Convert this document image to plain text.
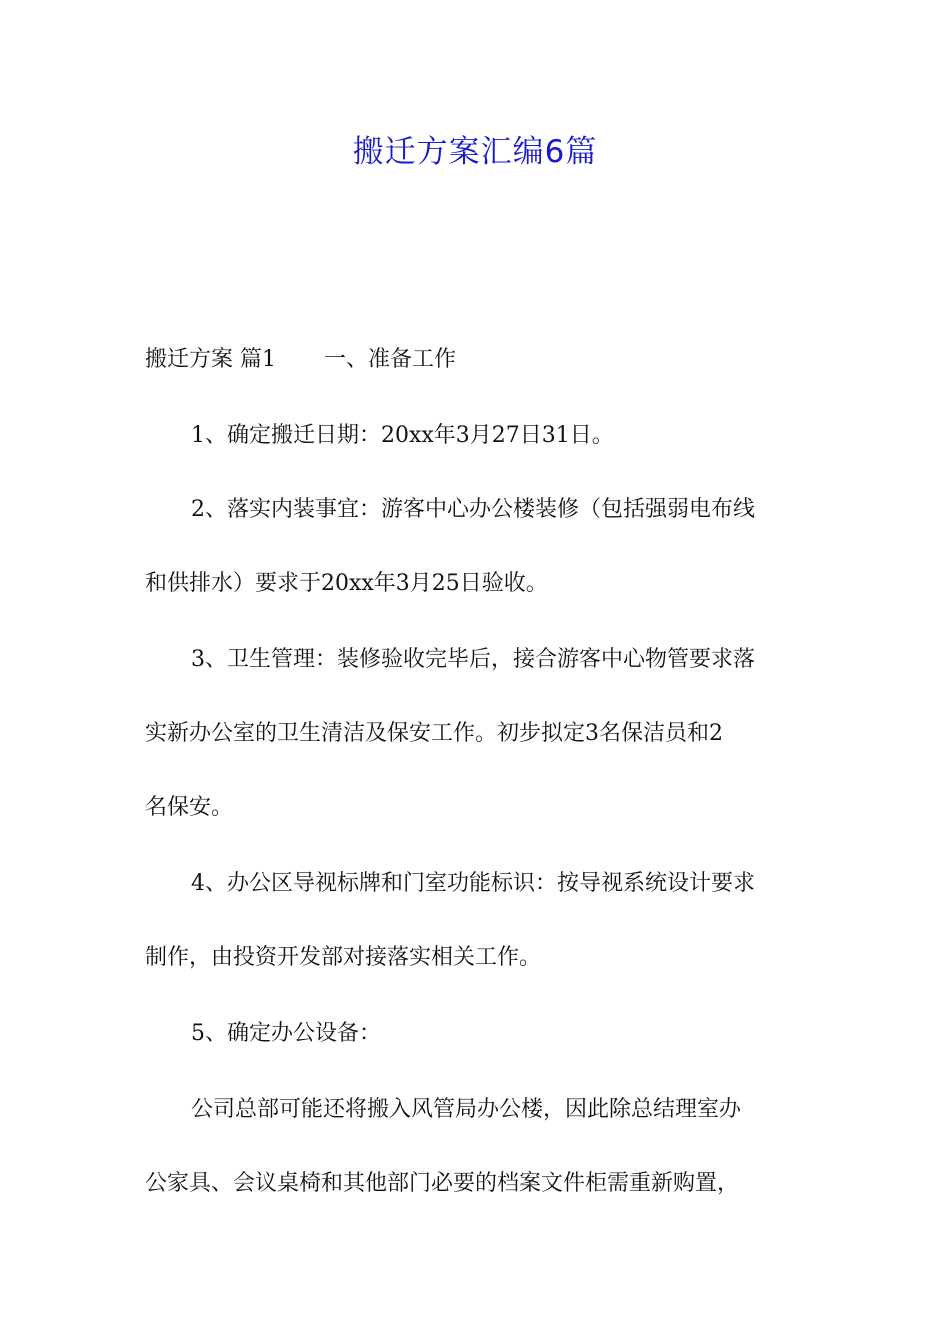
搬迁方案汇编6篇
搬迁方案 篇1 一、准备工作
1、确定搬迁日期：20xx年3月27日31日。
2、落实内装事宜：游客中心办公楼装修（包括强弱电布线
和供排水）要求于20xx年3月25日验收。
3、卫生管理：装修验收完毕后，接合游客中心物管要求落
实新办公室的卫生清洁及保安工作。初步拟定3名保洁员和2
名保安。
4、办公区导视标牌和门室功能标识：按导视系统设计要求
制作，由投资开发部对接落实相关工作。
5、确定办公设备：
公司总部可能还将搬入风管局办公楼，因此除总结理室办
公家具、会议桌椅和其他部门必要的档案文件柜需重新购置，
